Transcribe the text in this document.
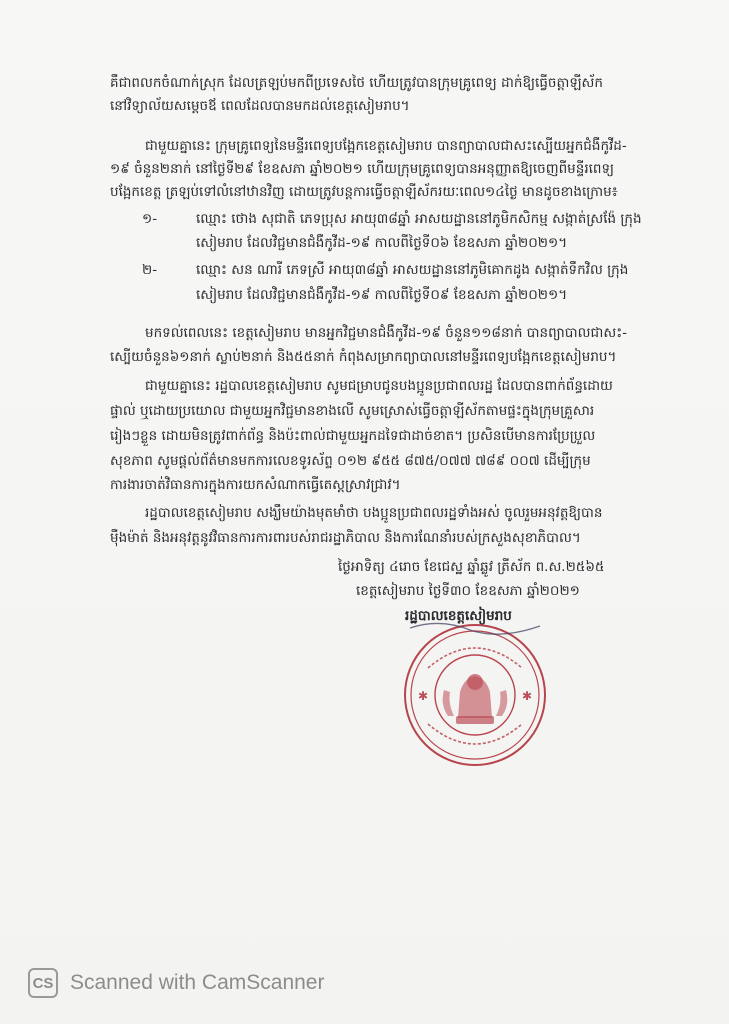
គឺជាពលកចំណាក់ស្រុក ដែលត្រឡប់មកពីប្រទេសថៃ ហើយត្រូវបានក្រុមគ្រូពេទ្យ ដាក់ឱ្យធ្វើចត្តាឡីស័ក
នៅវិទ្យាល័យសម្តេចឪ ពេលដែលបានមកដល់ខេត្តសៀមរាប។
ជាមួយគ្នានេះ ក្រុមគ្រូពេទ្យនៃមន្ទីរពេទ្យបង្អែកខេត្តសៀមរាប បានព្យាបាលជាសះស្បើយអ្នកជំងឺកូវីដ-
១៩ ចំនួន២នាក់ នៅថ្ងៃទី២៩ ខែឧសភា ឆ្នាំ២០២១ ហើយក្រុមគ្រូពេទ្យបានអនុញ្ញាតឱ្យចេញពីមន្ទីរពេទ្យ
បង្អែកខេត្ត ត្រឡប់ទៅលំនៅឋានវិញ ដោយត្រូវបន្តការធ្វើចត្តាឡីស័ករយៈពេល១៤ថ្ងៃ មានដូចខាងក្រោម៖
១-	ឈ្មោះ ថោង សុជាតិ ភេទប្រុស អាយុ៣៨ឆ្នាំ អាសយដ្ឋាននៅភូមិកសិកម្ម សង្កាត់ស្រង៉ែ ក្រុង
សៀមរាប ដែលវិជ្ជមានជំងឺកូវីដ-១៩ កាលពីថ្ងៃទី០៦ ខែឧសភា ឆ្នាំ២០២១។
២-	ឈ្មោះ សន ណារី ភេទស្រី អាយុ៣៨ឆ្នាំ អាសយដ្ឋាននៅភូមិគោកដូង សង្កាត់ទឹកវិល ក្រុង
សៀមរាប ដែលវិជ្ជមានជំងឺកូវីដ-១៩ កាលពីថ្ងៃទី០៩ ខែឧសភា ឆ្នាំ២០២១។
មកទល់ពេលនេះ ខេត្តសៀមរាប មានអ្នកវិជ្ជមានជំងឺកូវីដ-១៩ ចំនួន១១៨នាក់ បានព្យាបាលជាសះ-
ស្បើយចំនួន៦១នាក់ ស្លាប់២នាក់ និង៥៥នាក់ កំពុងសម្រាកព្យាបាលនៅមន្ទីរពេទ្យបង្អែកខេត្តសៀមរាប។
ជាមួយគ្នានេះ រដ្ឋបាលខេត្តសៀមរាប សូមជម្រាបជូនបងប្អូនប្រជាពលរដ្ឋ ដែលបានពាក់ព័ន្ធដោយ
ផ្ទាល់ ឬដោយប្រយោល ជាមួយអ្នកវិជ្ជមានខាងលើ សូមស្រោស់ធ្វើចត្តាឡីស័កតាមផ្ទះក្នុងក្រុមគ្រួសារ
រៀងៗខ្លួន ដោយមិនត្រូវពាក់ព័ន្ធ និងប៉ះពាល់ជាមួយអ្នកដទៃជាដាច់ខាត។ ប្រសិនបើមានការប្រែប្រួល
សុខភាព សូមផ្តល់ព័ត៌មានមកការលេខទូរស័ព្ទ ០១២ ៩៥៥ ៨៧៥/០៧៧ ៧៨៩ ០០៧ ដើម្បីក្រុម
ការងារចាត់វិធានការក្នុងការយកសំណាកធ្វើតេស្តស្រាវជ្រាវ។
រដ្ឋបាលខេត្តសៀមរាប សង្ឃឹមយ៉ាងមុតមាំថា បងប្អូនប្រជាពលរដ្ឋទាំងអស់ ចូលរួមអនុវត្តឱ្យបាន
ម៉ឺងម៉ាត់ និងអនុវត្តនូវវិធានការការពារបស់រាជរដ្ឋាភិបាល និងការណែនាំរបស់ក្រសួងសុខាភិបាល។
ថ្ងៃអាទិត្យ ៤រោច ខែជេស្ឋ ឆ្នាំឆ្លូវ ត្រីស័ក ព.ស.២៥៦៥
ខេត្តសៀមរាប ថ្ងៃទី៣០ ខែឧសភា ឆ្នាំ២០២១
រដ្ឋបាលខេត្តសៀមរាប
✱	✱
CS Scanned with CamScanner
